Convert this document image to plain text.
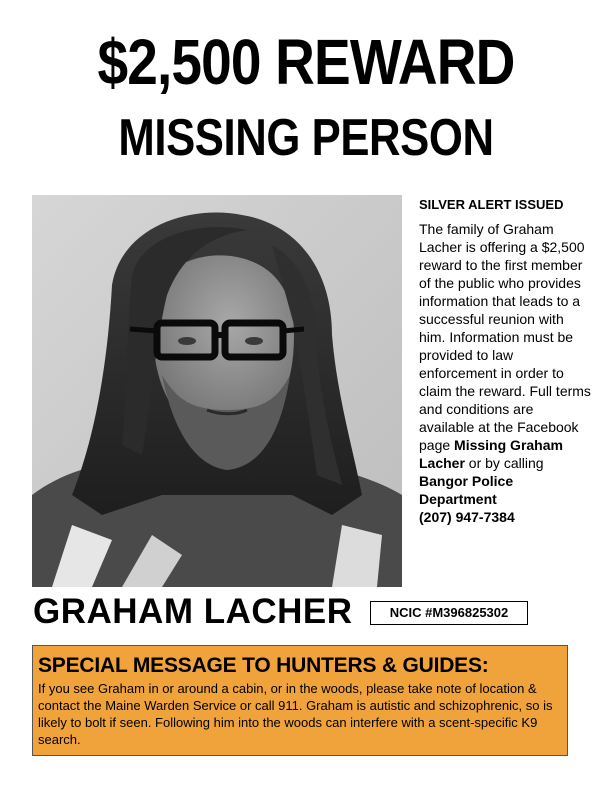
$2,500 REWARD
MISSING PERSON
SILVER ALERT ISSUED
The family of Graham Lacher is offering a $2,500 reward to the first member of the public who provides information that leads to a successful reunion with him. Information must be provided to law enforcement in order to claim the reward. Full terms and conditions are available at the Facebook page Missing Graham Lacher or by calling Bangor Police Department
(207) 947-7384
GRAHAM LACHER	NCIC #M396825302
SPECIAL MESSAGE TO HUNTERS & GUIDES:
If you see Graham in or around a cabin, or in the woods, please take note of location & contact the Maine Warden Service or call 911. Graham is autistic and schizophrenic, so is likely to bolt if seen. Following him into the woods can interfere with a scent-specific K9 search.
